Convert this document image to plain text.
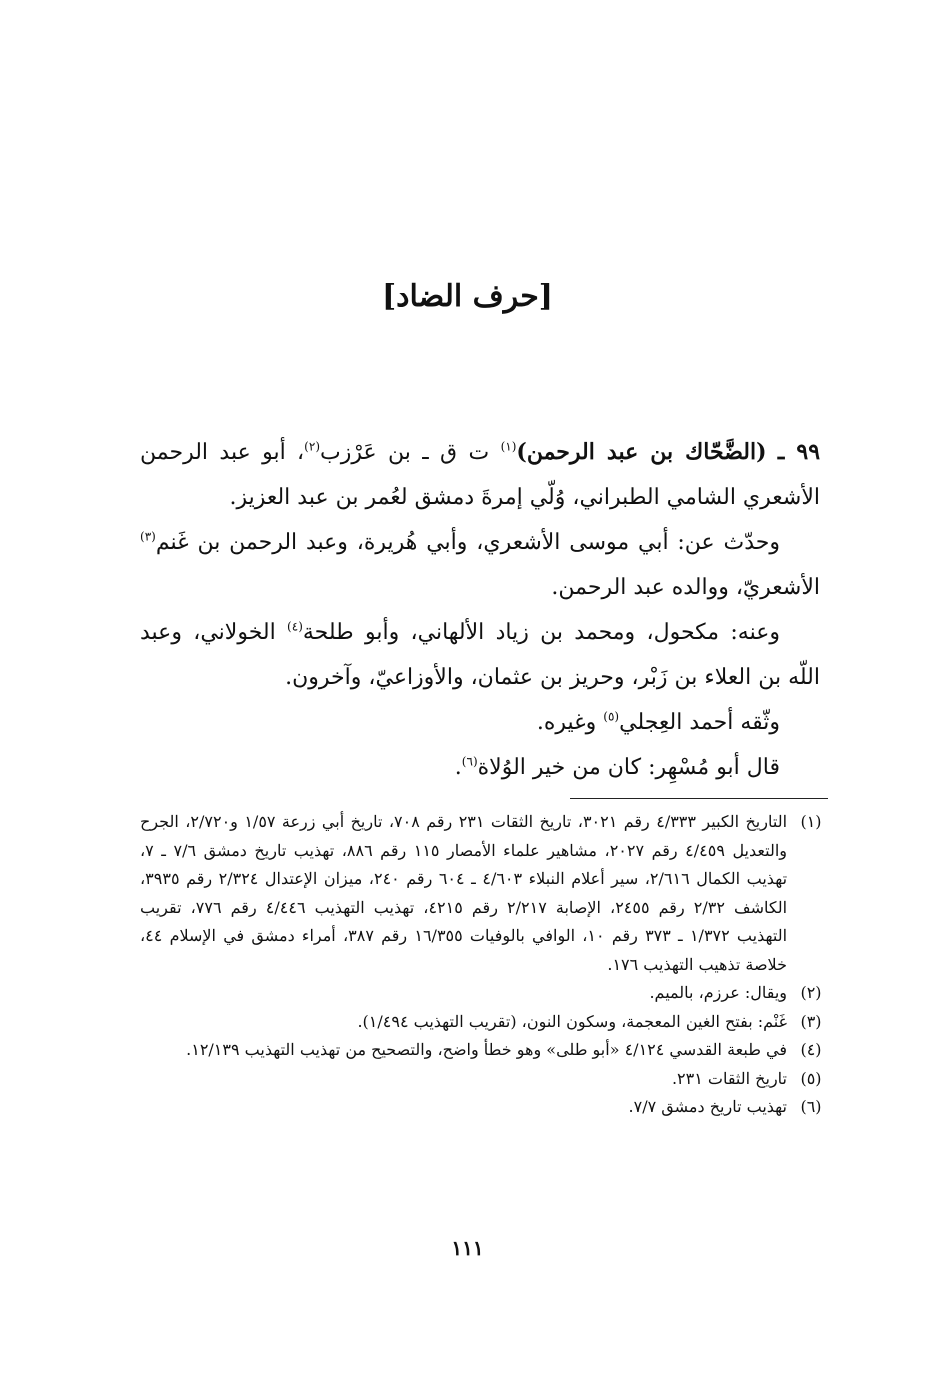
[حرف الضاد]

٩٩ ـ (الضَّحّاك بن عبد الرحمن)$^{(١)}$ ت ق ـ بن عَرْزب$^{(٢)}$، أبو عبد الرحمن الأشعري الشامي الطبراني، وُلّي إمرةَ دمشق لعُمر بن عبد العزيز.

وحدّث عن: أبي موسى الأشعري، وأبي هُريرة، وعبد الرحمن بن غَنم$^{(٣)}$ الأشعريّ، ووالده عبد الرحمن.

وعنه: مكحول، ومحمد بن زياد الألهاني، وأبو طلحة$^{(٤)}$ الخولاني، وعبد اللّه بن العلاء بن زَبْر، وحريز بن عثمان، والأوزاعيّ، وآخرون.

وثّقه أحمد العِجلي$^{(٥)}$ وغيره.

قال أبو مُسْهِر: كان من خير الوُلاة$^{(٦)}$.

(١)
التاريخ الكبير ٤/٣٣٣ رقم ٣٠٢١، تاريخ الثقات ٢٣١ رقم ٧٠٨، تاريخ أبي زرعة ١/٥٧ و٢/٧٢٠، الجرح والتعديل ٤/٤٥٩ رقم ٢٠٢٧، مشاهير علماء الأمصار ١١٥ رقم ٨٨٦، تهذيب تاريخ دمشق ٧/٦ ـ ٧، تهذيب الكمال ٢/٦١٦، سير أعلام النبلاء ٤/٦٠٣ ـ ٦٠٤ رقم ٢٤٠، ميزان الإعتدال ٢/٣٢٤ رقم ٣٩٣٥، الكاشف ٢/٣٢ رقم ٢٤٥٥، الإصابة ٢/٢١٧ رقم ٤٢١٥، تهذيب التهذيب ٤/٤٤٦ رقم ٧٧٦، تقريب التهذيب ١/٣٧٢ ـ ٣٧٣ رقم ١٠، الوافي بالوفيات ١٦/٣٥٥ رقم ٣٨٧، أمراء دمشق في الإسلام ٤٤، خلاصة تذهيب التهذيب ١٧٦.
(٢)
ويقال: عرزم، بالميم.
(٣)
غَنْم: بفتح الغين المعجمة، وسكون النون، (تقريب التهذيب ١/٤٩٤).
(٤)
في طبعة القدسي ٤/١٢٤ «أبو طلى» وهو خطأ واضح، والتصحيح من تهذيب التهذيب ١٢/١٣٩.
(٥)
تاريخ الثقات ٢٣١.
(٦)
تهذيب تاريخ دمشق ٧/٧.
١١١
